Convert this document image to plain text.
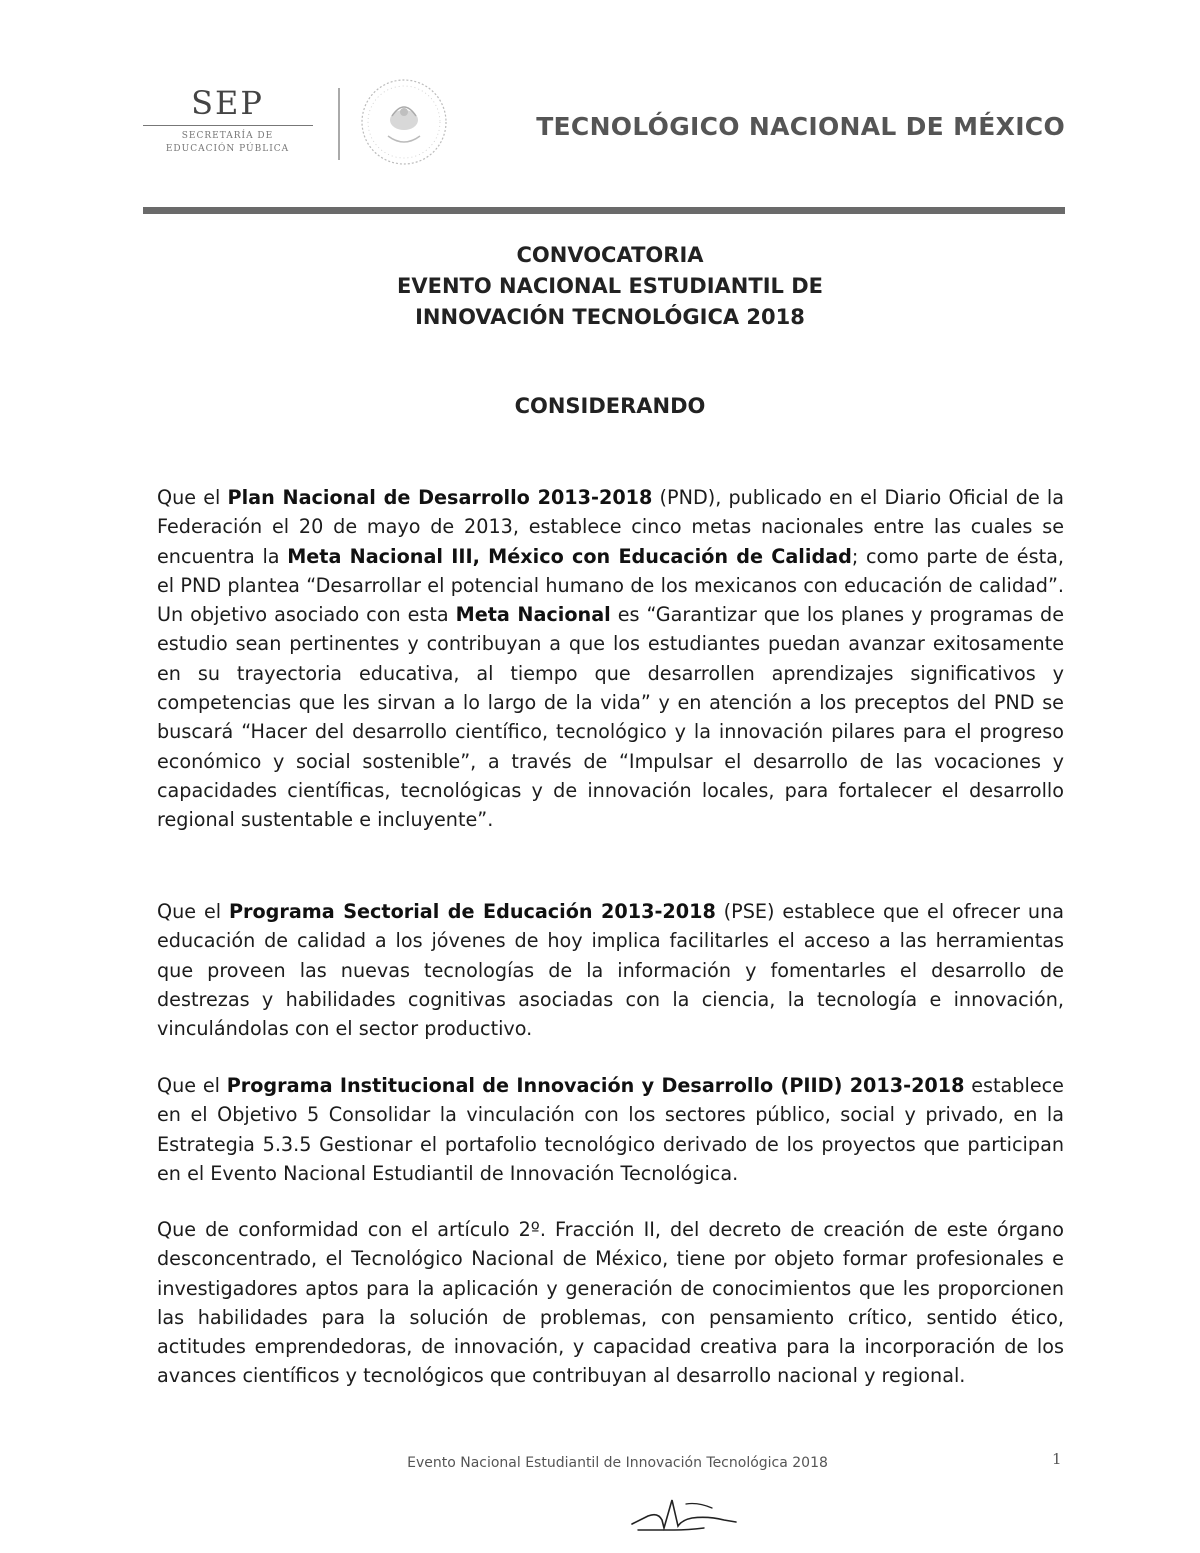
SEP
SECRETARÍA DE
EDUCACIÓN PÚBLICA
TECNOLÓGICO NACIONAL DE MÉXICO
CONVOCATORIA
EVENTO NACIONAL ESTUDIANTIL DE
INNOVACIÓN TECNOLÓGICA 2018
CONSIDERANDO
Que el Plan Nacional de Desarrollo 2013-2018 (PND), publicado en el Diario Oficial de la Federación el 20 de mayo de 2013, establece cinco metas nacionales entre las cuales se encuentra la Meta Nacional III, México con Educación de Calidad; como parte de ésta, el PND plantea “Desarrollar el potencial humano de los mexicanos con educación de calidad”. Un objetivo asociado con esta Meta Nacional es “Garantizar que los planes y programas de estudio sean pertinentes y contribuyan a que los estudiantes puedan avanzar exitosamente en su trayectoria educativa, al tiempo que desarrollen aprendizajes significativos y competencias que les sirvan a lo largo de la vida” y en atención a los preceptos del PND se buscará “Hacer del desarrollo científico, tecnológico y la innovación pilares para el progreso económico y social sostenible”, a través de “Impulsar el desarrollo de las vocaciones y capacidades científicas, tecnológicas y de innovación locales, para fortalecer el desarrollo regional sustentable e incluyente”.
Que el Programa Sectorial de Educación 2013-2018 (PSE) establece que el ofrecer una educación de calidad a los jóvenes de hoy implica facilitarles el acceso a las herramientas que proveen las nuevas tecnologías de la información y fomentarles el desarrollo de destrezas y habilidades cognitivas asociadas con la ciencia, la tecnología e innovación, vinculándolas con el sector productivo.
Que el Programa Institucional de Innovación y Desarrollo (PIID) 2013-2018 establece en el Objetivo 5 Consolidar la vinculación con los sectores público, social y privado, en la Estrategia 5.3.5 Gestionar el portafolio tecnológico derivado de los proyectos que participan en el Evento Nacional Estudiantil de Innovación Tecnológica.
Que de conformidad con el artículo 2º. Fracción II, del decreto de creación de este órgano desconcentrado, el Tecnológico Nacional de México, tiene por objeto formar profesionales e investigadores aptos para la aplicación y generación de conocimientos que les proporcionen las habilidades para la solución de problemas, con pensamiento crítico, sentido ético, actitudes emprendedoras, de innovación, y capacidad creativa para la incorporación de los avances científicos y tecnológicos que contribuyan al desarrollo nacional y regional.
Evento Nacional Estudiantil de Innovación Tecnológica 2018	1
